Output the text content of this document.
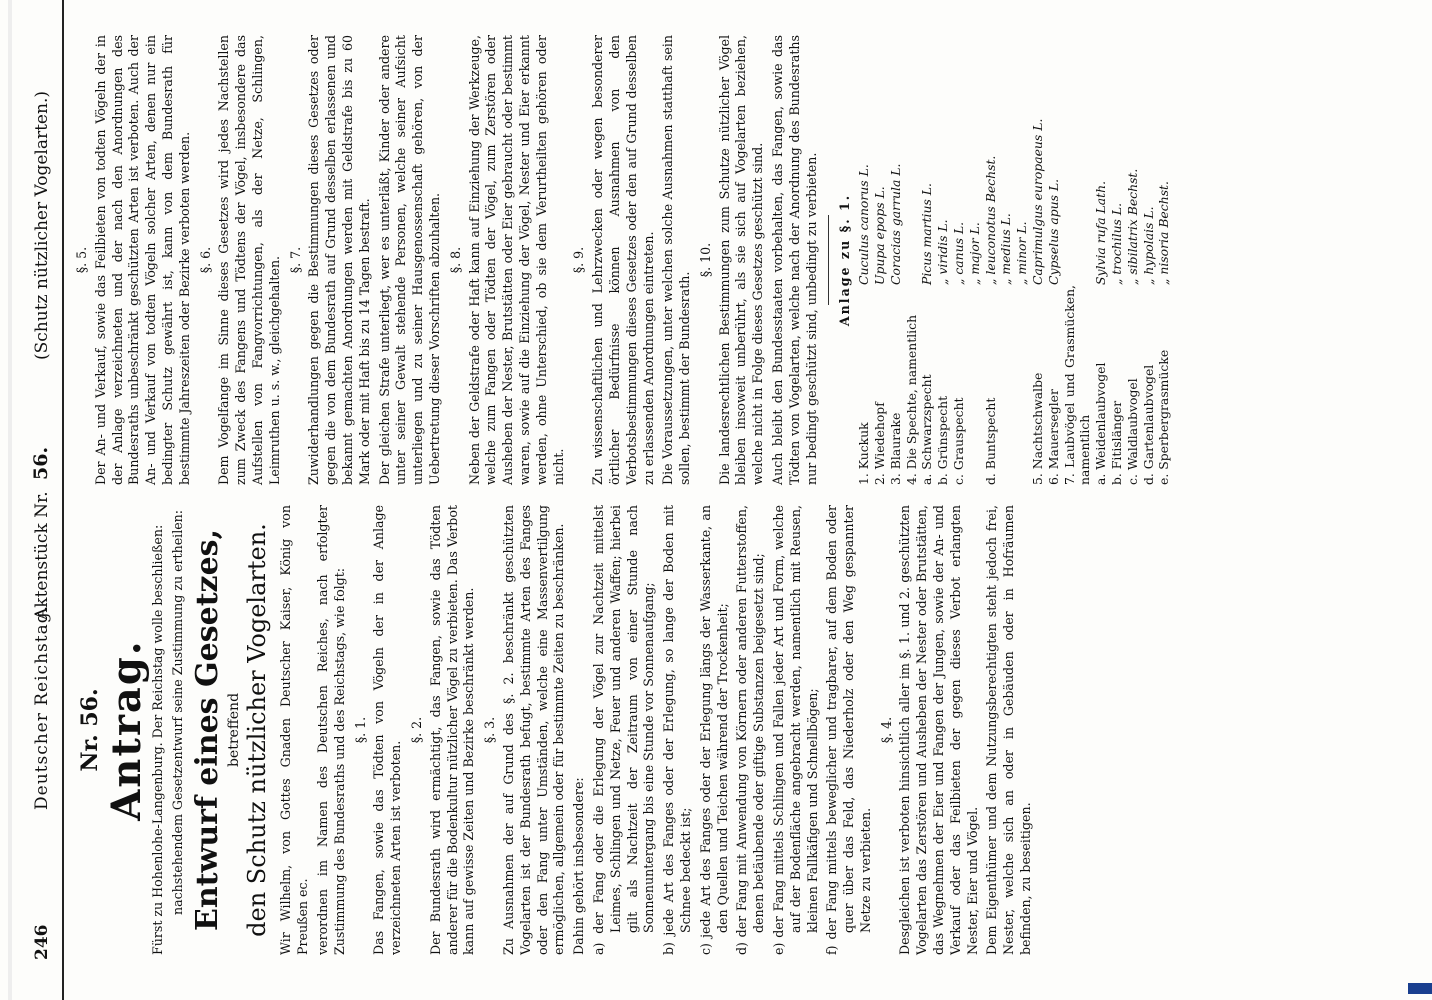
246
Deutscher Reichstag.
Aktenstück Nr.
56.
(Schutz nützlicher Vogelarten.)
Nr. 56. Antrag. Fürst zu Hohenlohe-Langenburg. Der Reichstag wolle beschließen: nachstehendem Gesetzentwurf seine Zustimmung zu ertheilen: Entwurf eines Gesetzes, betreffend den Schutz nützlicher Vogelarten. Wir Wilhelm, von Gottes Gnaden Deutscher Kaiser, König von Preußen ec. verordnen im Namen des Deutschen Reiches, nach erfolgter Zustimmung des Bundesraths und des Reichstags, wie folgt: §. 1. Das Fangen, sowie das Tödten von Vögeln der in der Anlage verzeichneten Arten ist verboten.

§. 2. Der Bundesrath wird ermächtigt, das Fangen, sowie das Tödten anderer für die Bodenkultur nützlicher Vögel zu verbieten. Das Verbot kann auf gewisse Zeiten und Bezirke beschränkt werden. §. 3. Zu Ausnahmen der auf Grund des §. 2. beschränkt geschützten Vogelarten ist der Bundesrath befugt, bestimmte Arten des Fanges oder den Fang unter Umständen, welche eine Massenvertilgung ermöglichen, allgemein oder für bestimmte Zeiten zu beschränken. Dahin gehört insbesondere: a) der Fang oder die Erlegung der Vögel zur Nachtzeit mittelst Leimes, Schlingen und Netze, Feuer und anderen Waffen; hierbei gilt als Nachtzeit der Zeitraum von einer Stunde nach Sonnenuntergang bis eine Stunde vor Sonnenaufgang; b) jede Art des Fanges oder der Erlegung, so lange der Boden mit Schnee bedeckt ist; c) jede Art des Fanges oder der Erlegung längs der Wasserkante, an den Quellen und Teichen während der Trockenheit; d) der Fang mit Anwendung von Körnern oder anderen Futterstoffen, denen betäubende oder giftige Substanzen beigesetzt sind; e) der Fang mittels Schlingen und Fallen jeder Art und Form, welche auf der Bodenfläche angebracht werden, namentlich mit Reusen, kleinen Fallkäfigen und Schnellbögen; f) der Fang mittels beweglicher und tragbarer, auf dem Boden oder quer über das Feld, das Niederholz oder den Weg gespannter Netze zu verbieten.

§. 4. Desgleichen ist verboten hinsichtlich aller im §. 1. und 2. geschützten Vogelarten das Zerstören und Ausheben der Nester oder Brutstätten, das Wegnehmen der Eier und Fangen der Jungen, sowie der An- und Verkauf oder das Feilbieten der gegen dieses Verbot erlangten Nester, Eier und Vögel. Dem Eigenthümer und dem Nutzungsberechtigten steht jedoch frei, Nester, welche sich an oder in Gebäuden oder in Hofräumen befinden, zu beseitigen.

§. 5. Der An- und Verkauf, sowie das Feilbieten von todten Vögeln der in der Anlage verzeichneten und der nach den Anordnungen des Bundesraths unbeschränkt geschützten Arten ist verboten. Auch der An- und Verkauf von todten Vögeln solcher Arten, denen nur ein bedingter Schutz gewährt ist, kann von dem Bundesrath für bestimmte Jahreszeiten oder Bezirke verboten werden. §. 6. Dem Vogelfange im Sinne dieses Gesetzes wird jedes Nachstellen zum Zweck des Fangens und Tödtens der Vögel, insbesondere das Aufstellen von Fangvorrichtungen, als der Netze, Schlingen, Leimruthen u. s. w., gleichgehalten. §. 7. Zuwiderhandlungen gegen die Bestimmungen dieses Gesetzes oder gegen die von dem Bundesrath auf Grund desselben erlassenen und bekannt gemachten Anordnungen werden mit Geldstrafe bis zu 60 Mark oder mit Haft bis zu 14 Tagen bestraft. Der gleichen Strafe unterliegt, wer es unterläßt, Kinder oder andere unter seiner Gewalt stehende Personen, welche seiner Aufsicht unterliegen und zu seiner Hausgenossenschaft gehören, von der Uebertretung dieser Vorschriften abzuhalten. §. 8. Neben der Geldstrafe oder Haft kann auf Einziehung der Werkzeuge, welche zum Fangen oder Tödten der Vögel, zum Zerstören oder Ausheben der Nester, Brutstätten oder Eier gebraucht oder bestimmt waren, sowie auf die Einziehung der Vögel, Nester und Eier erkannt werden, ohne Unterschied, ob sie dem Verurtheilten gehören oder nicht.

§. 9. Zu wissenschaftlichen und Lehrzwecken oder wegen besonderer örtlicher Bedürfnisse können Ausnahmen von den Verbotsbestimmungen dieses Gesetzes oder den auf Grund desselben zu erlassenden Anordnungen eintreten. Die Voraussetzungen, unter welchen solche Ausnahmen statthaft sein sollen, bestimmt der Bundesrath.

§. 10. Die landesrechtlichen Bestimmungen zum Schutze nützlicher Vögel bleiben insoweit unberührt, als sie sich auf Vogelarten beziehen, welche nicht in Folge dieses Gesetzes geschützt sind. Auch bleibt den Bundesstaaten vorbehalten, das Fangen, sowie das Tödten von Vogelarten, welche nach der Anordnung des Bundesraths nur bedingt geschützt sind, unbedingt zu verbieten. Anlage zu §. 1.
1. Kuckuk	Cuculus canorus L.
2. Wiedehopf	Upupa epops L.
3. Blaurake	Coracias garrula L.
4. Die Spechte, namentlich	
a. Schwarzspecht	Picus martius L.
b. Grünspecht	„ viridis L.
c. Grauspecht	„ canus L.
	„ major L.
d. Buntspecht	„ leuconotus Bechst.
	„ medius L.
	„ minor L.
5. Nachtschwalbe	Caprimulgus europaeus L.
6. Mauersegler	Cypselus apus L.
7. Laubvögel und Grasmücken, namentlich	
a. Weidenlaubvogel	Sylvia rufa Lath.
b. Fitislänger	„ trochilus L.
c. Waldlaubvogel	„ sibilatrix Bechst.
d. Gartenlaubvogel	„ hypolais L.
e. Sperbergrasmücke	„ nisoria Bechst.
